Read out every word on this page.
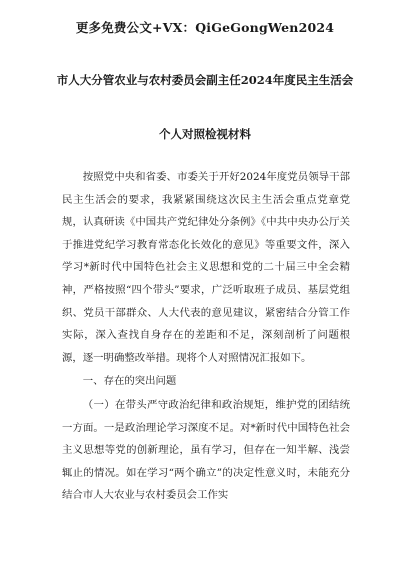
更多免费公文+VX：QiGeGongWen2024
市人大分管农业与农村委员会副主任2024年度民主生活会
个人对照检视材料

按照党中央和省委、市委关于开好2024年度党员领导干部民主生活会的要求，我紧紧围绕这次民主生活会重点党章党规，认真研读《中国共产党纪律处分条例》《中共中央办公厅关于推进党纪学习教育常态化长效化的意见》等重要文件，深入学习*新时代中国特色社会主义思想和党的二十届三中全会精神，严格按照“四个带头”要求，广泛听取班子成员、基层党组织、党员干部群众、人大代表的意见建议，紧密结合分管工作实际，深入查找自身存在的差距和不足，深刻剖析了问题根源，逐一明确整改举措。现将个人对照情况汇报如下。

一、存在的突出问题

（一）在带头严守政治纪律和政治规矩，维护党的团结统一方面。一是政治理论学习深度不足。对*新时代中国特色社会主义思想等党的创新理论，虽有学习，但存在一知半解、浅尝辄止的情况。如在学习“两个确立”的决定性意义时，未能充分结合市人大农业与农村委员会工作实
